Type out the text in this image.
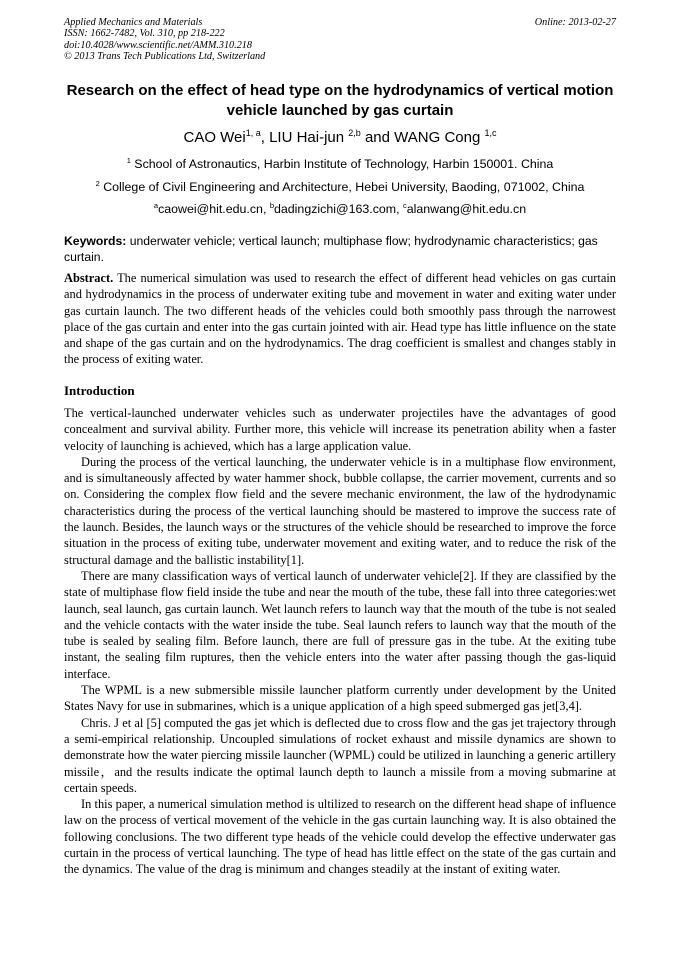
Applied Mechanics and Materials
ISSN: 1662-7482, Vol. 310, pp 218-222
doi:10.4028/www.scientific.net/AMM.310.218
© 2013 Trans Tech Publications Ltd, Switzerland
Online: 2013-02-27
Research on the effect of head type on the hydrodynamics of vertical motion vehicle launched by gas curtain
CAO Wei$^{1, a}$, LIU Hai-jun $^{2,b}$ and WANG Cong $^{1,c}$
$^1$ School of Astronautics, Harbin Institute of Technology, Harbin 150001. China
$^2$ College of Civil Engineering and Architecture, Hebei University, Baoding, 071002, China
$^a$caowei@hit.edu.cn, $^b$dadingzichi@163.com, $^c$alanwang@hit.edu.cn
Keywords: underwater vehicle; vertical launch; multiphase flow; hydrodynamic characteristics; gas curtain.
Abstract. The numerical simulation was used to research the effect of different head vehicles on gas curtain and hydrodynamics in the process of underwater exiting tube and movement in water and exiting water under gas curtain launch. The two different heads of the vehicles could both smoothly pass through the narrowest place of the gas curtain and enter into the gas curtain jointed with air. Head type has little influence on the state and shape of the gas curtain and on the hydrodynamics. The drag coefficient is smallest and changes stably in the process of exiting water.
Introduction

The vertical-launched underwater vehicles such as underwater projectiles have the advantages of good concealment and survival ability. Further more, this vehicle will increase its penetration ability when a faster velocity of launching is achieved, which has a large application value.

During the process of the vertical launching, the underwater vehicle is in a multiphase flow environment, and is simultaneously affected by water hammer shock, bubble collapse, the carrier movement, currents and so on. Considering the complex flow field and the severe mechanic environment, the law of the hydrodynamic characteristics during the process of the vertical launching should be mastered to improve the success rate of the launch. Besides, the launch ways or the structures of the vehicle should be researched to improve the force situation in the process of exiting tube, underwater movement and exiting water, and to reduce the risk of the structural damage and the ballistic instability[1].

There are many classification ways of vertical launch of underwater vehicle[2]. If they are classified by the state of multiphase flow field inside the tube and near the mouth of the tube, these fall into three categories:wet launch, seal launch, gas curtain launch. Wet launch refers to launch way that the mouth of the tube is not sealed and the vehicle contacts with the water inside the tube. Seal launch refers to launch way that the mouth of the tube is sealed by sealing film. Before launch, there are full of pressure gas in the tube. At the exiting tube instant, the sealing film ruptures, then the vehicle enters into the water after passing though the gas-liquid interface.

The WPML is a new submersible missile launcher platform currently under development by the United States Navy for use in submarines, which is a unique application of a high speed submerged gas jet[3,4].

Chris. J et al [5] computed the gas jet which is deflected due to cross flow and the gas jet trajectory through a semi-empirical relationship. Uncoupled simulations of rocket exhaust and missile dynamics are shown to demonstrate how the water piercing missile launcher (WPML) could be utilized in launching a generic artillery missile，and the results indicate the optimal launch depth to launch a missile from a moving submarine at certain speeds.

In this paper, a numerical simulation method is ultilized to research on the different head shape of influence law on the process of vertical movement of the vehicle in the gas curtain launching way. It is also obtained the following conclusions. The two different type heads of the vehicle could develop the effective underwater gas curtain in the process of vertical launching. The type of head has little effect on the state of the gas curtain and the dynamics. The value of the drag is minimum and changes steadily at the instant of exiting water.
